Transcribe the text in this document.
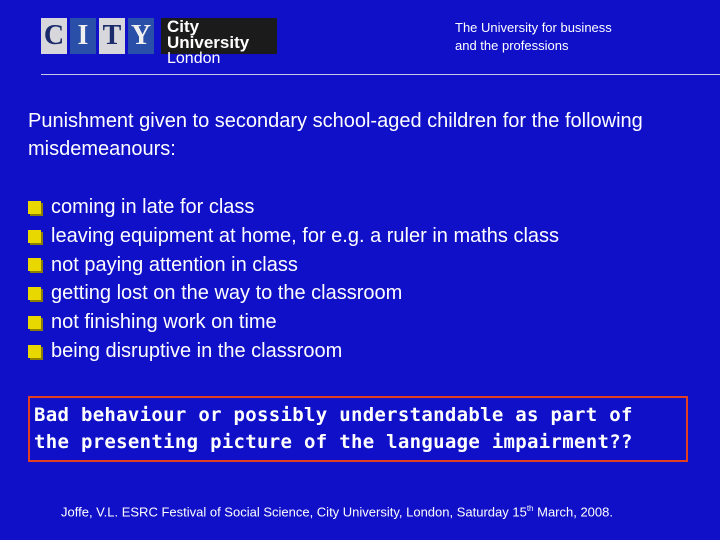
C I T Y City University
London
The University for business
and the professions
Punishment given to secondary school-aged children for the following misdemeanours:
coming in late for class
leaving equipment at home, for e.g. a ruler in maths class
not paying attention in class
getting lost on the way to the classroom
not finishing work on time
being disruptive in the classroom
Bad behaviour or possibly understandable as part of
the presenting picture of the language impairment??
Joffe, V.L. ESRC Festival of Social Science, City University, London, Saturday 15th March, 2008.
